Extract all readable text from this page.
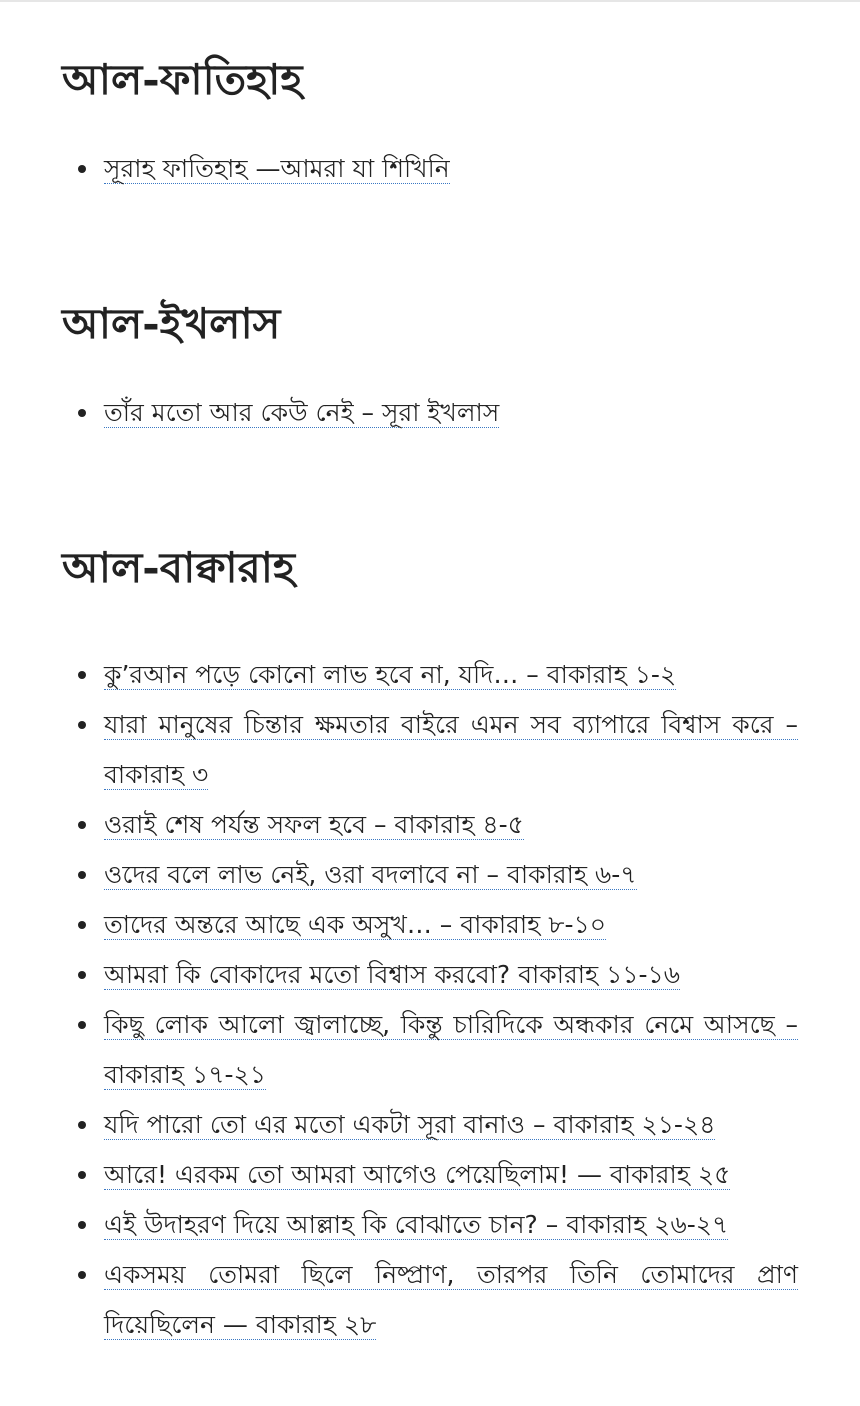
আল-ফাতিহাহ
সূরাহ ফাতিহাহ —আমরা যা শিখিনি
আল-ইখলাস
তাঁর মতো আর কেউ নেই – সূরা ইখলাস
আল-বাক্বারাহ
কু’রআন পড়ে কোনো লাভ হবে না, যদি… – বাকারাহ ১-২
যারা মানুষের চিন্তার ক্ষমতার বাইরে এমন সব ব্যাপারে বিশ্বাস করে – বাকারাহ ৩
ওরাই শেষ পর্যন্ত সফল হবে – বাকারাহ ৪-৫
ওদের বলে লাভ নেই, ওরা বদলাবে না – বাকারাহ ৬-৭
তাদের অন্তরে আছে এক অসুখ… – বাকারাহ ৮-১০
আমরা কি বোকাদের মতো বিশ্বাস করবো? বাকারাহ ১১-১৬
কিছু লোক আলো জ্বালাচ্ছে, কিন্তু চারিদিকে অন্ধকার নেমে আসছে – বাকারাহ ১৭-২১
যদি পারো তো এর মতো একটা সূরা বানাও – বাকারাহ ২১-২৪
আরে! এরকম তো আমরা আগেও পেয়েছিলাম! — বাকারাহ ২৫
এই উদাহরণ দিয়ে আল্লাহ কি বোঝাতে চান? – বাকারাহ ২৬-২৭
একসময় তোমরা ছিলে নিষ্প্রাণ, তারপর তিনি তোমাদের প্রাণ দিয়েছিলেন — বাকারাহ ২৮
